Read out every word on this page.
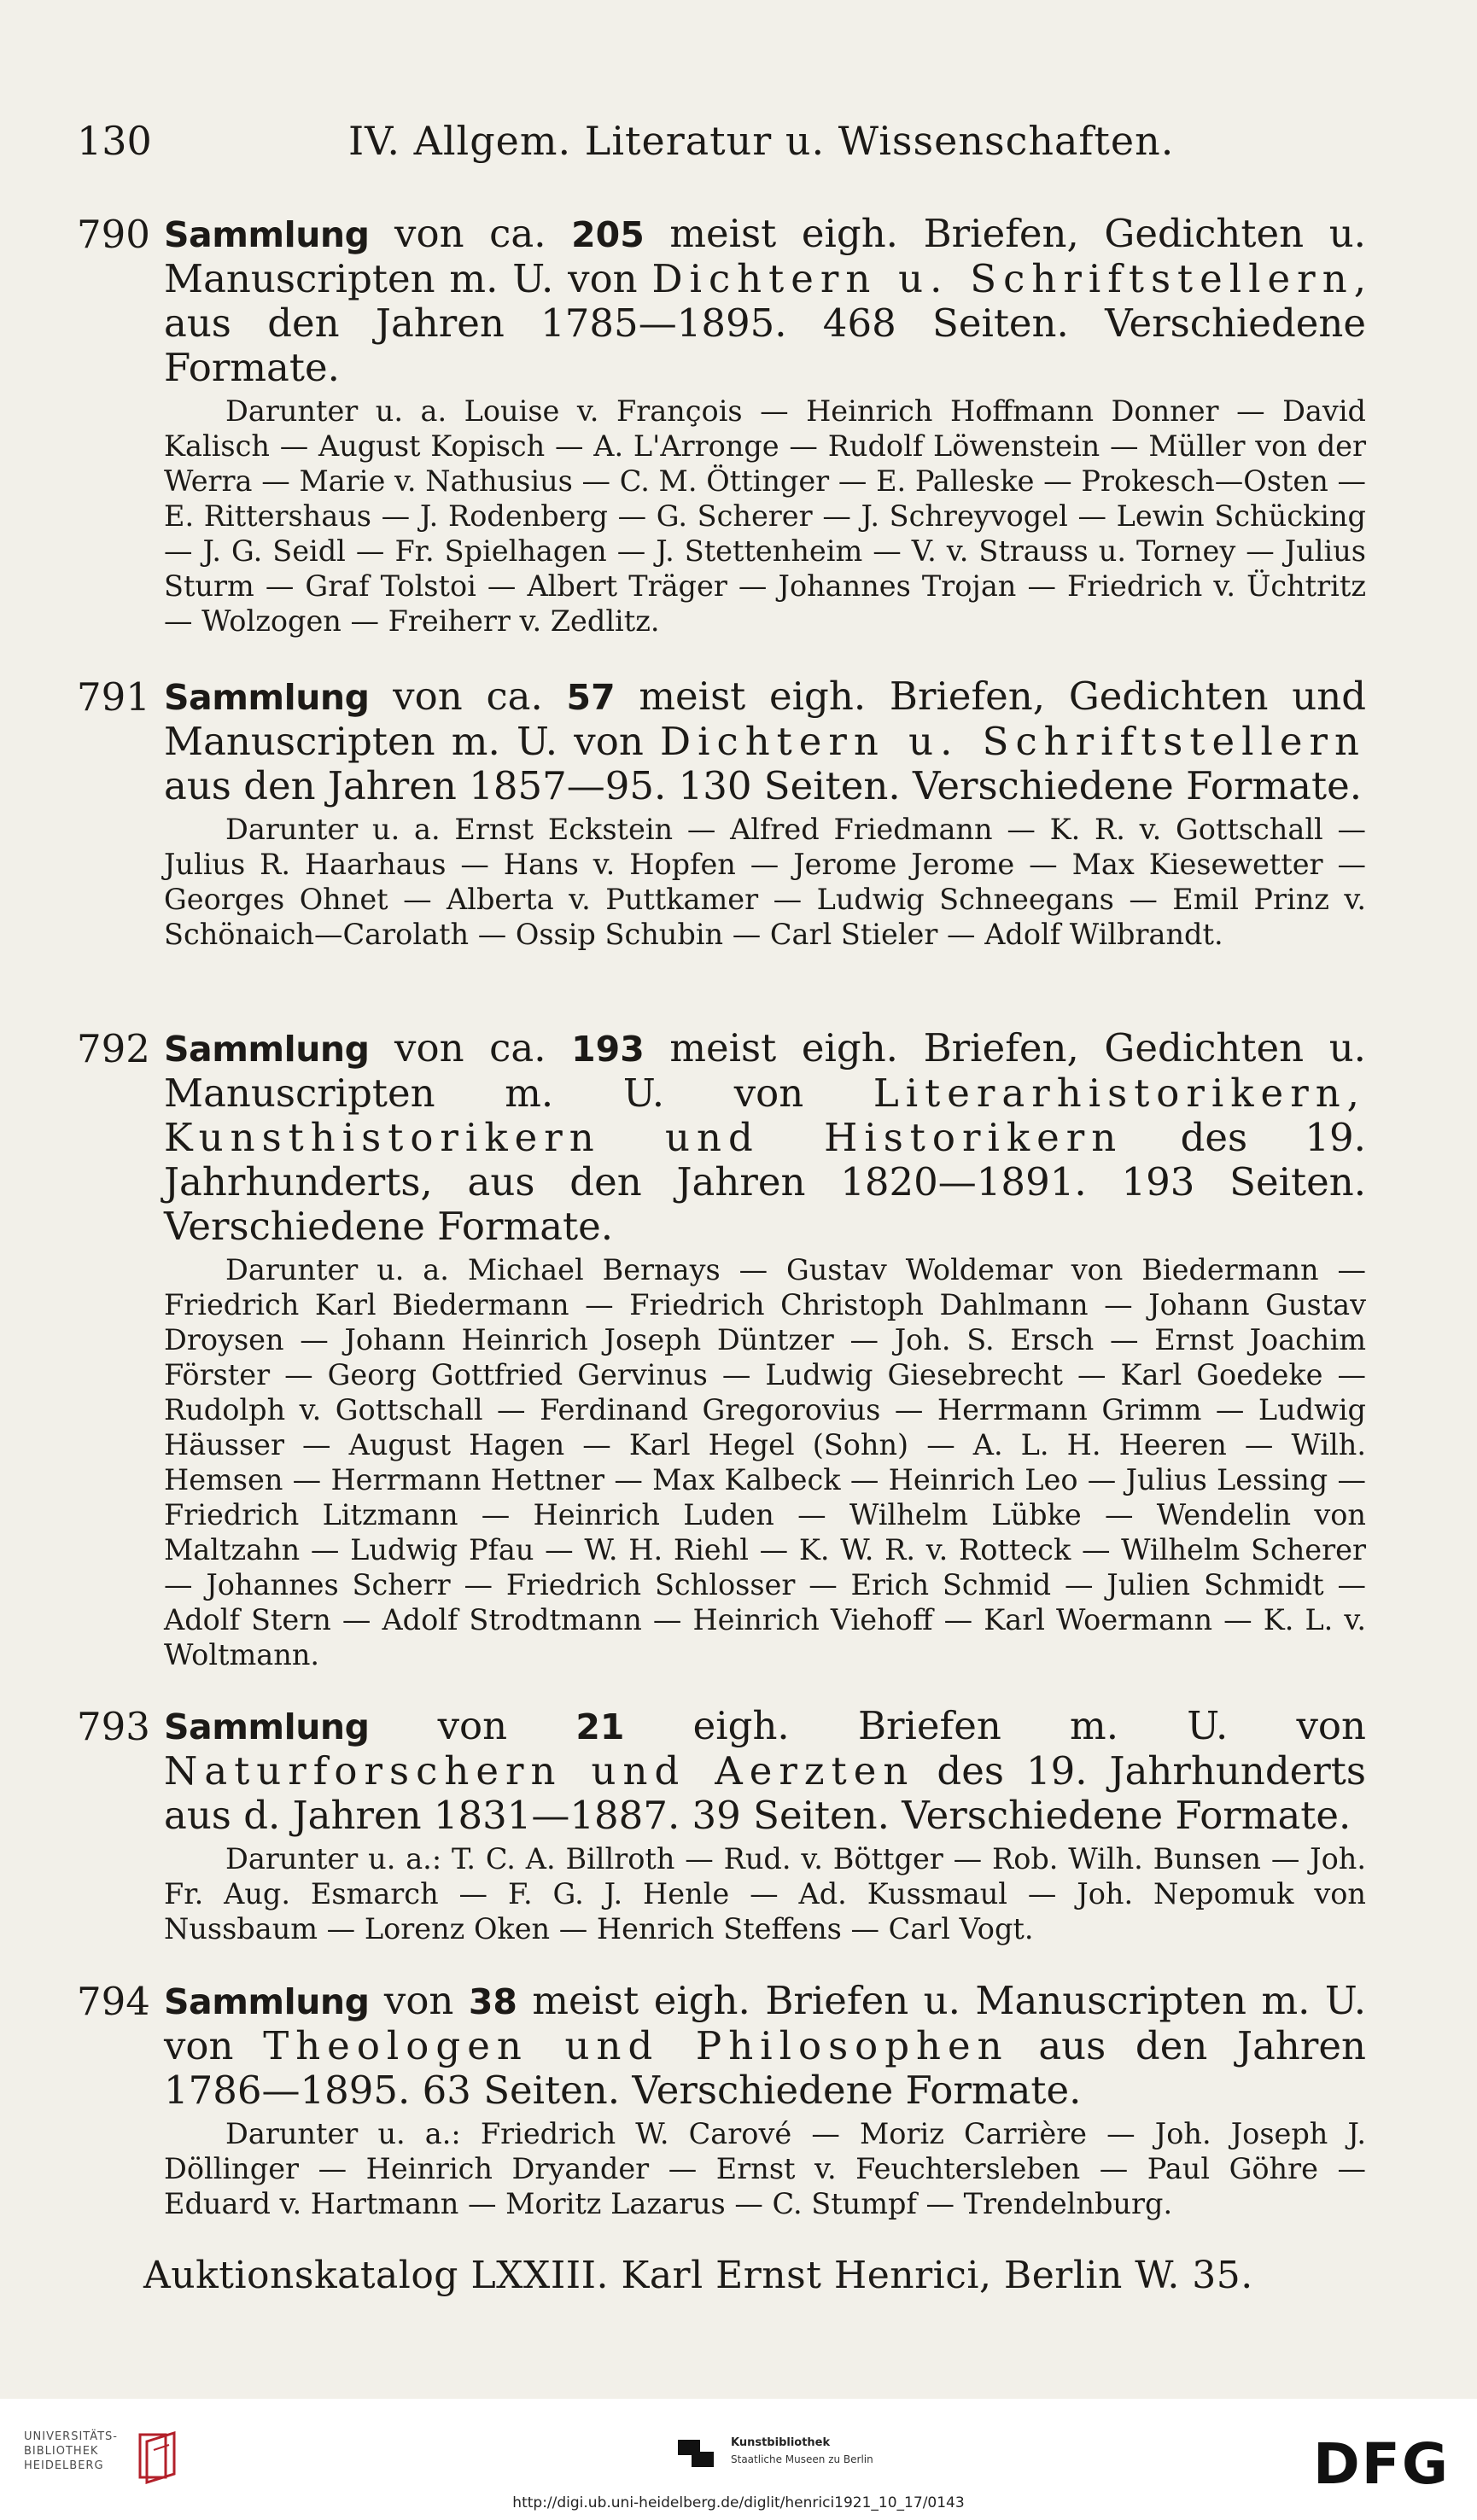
130	IV. Allgem. Literatur u. Wissenschaften.
790 Sammlung von ca. 205 meist eigh. Briefen, Gedichten u. Manuscripten m. U. von Dichtern u. Schriftstellern, aus den Jahren 1785—1895. 468 Seiten. Verschiedene Formate.
Darunter u. a. Louise v. François — Heinrich Hoffmann Donner — David Kalisch — August Kopisch — A. L'Arronge — Rudolf Löwenstein — Müller von der Werra — Marie v. Nathusius — C. M. Öttinger — E. Palleske — Prokesch—Osten — E. Rittershaus — J. Rodenberg — G. Scherer — J. Schreyvogel — Lewin Schücking — J. G. Seidl — Fr. Spielhagen — J. Stettenheim — V. v. Strauss u. Torney — Julius Sturm — Graf Tolstoi — Albert Träger — Johannes Trojan — Friedrich v. Üchtritz — Wolzogen — Freiherr v. Zedlitz.
791 Sammlung von ca. 57 meist eigh. Briefen, Gedichten und Manuscripten m. U. von Dichtern u. Schriftstellern aus den Jahren 1857—95. 130 Seiten. Verschiedene Formate.
Darunter u. a. Ernst Eckstein — Alfred Friedmann — K. R. v. Gottschall — Julius R. Haarhaus — Hans v. Hopfen — Jerome Jerome — Max Kiesewetter — Georges Ohnet — Alberta v. Puttkamer — Ludwig Schneegans — Emil Prinz v. Schönaich—Carolath — Ossip Schubin — Carl Stieler — Adolf Wilbrandt.
792 Sammlung von ca. 193 meist eigh. Briefen, Gedichten u. Manuscripten m. U. von Literarhistorikern, Kunsthistorikern und Historikern des 19. Jahrhunderts, aus den Jahren 1820—1891. 193 Seiten. Verschiedene Formate.
Darunter u. a. Michael Bernays — Gustav Woldemar von Biedermann — Friedrich Karl Biedermann — Friedrich Christoph Dahlmann — Johann Gustav Droysen — Johann Heinrich Joseph Düntzer — Joh. S. Ersch — Ernst Joachim Förster — Georg Gottfried Gervinus — Ludwig Giesebrecht — Karl Goedeke — Rudolph v. Gottschall — Ferdinand Gregorovius — Herrmann Grimm — Ludwig Häusser — August Hagen — Karl Hegel (Sohn) — A. L. H. Heeren — Wilh. Hemsen — Herrmann Hettner — Max Kalbeck — Heinrich Leo — Julius Lessing — Friedrich Litzmann — Heinrich Luden — Wilhelm Lübke — Wendelin von Maltzahn — Ludwig Pfau — W. H. Riehl — K. W. R. v. Rotteck — Wilhelm Scherer — Johannes Scherr — Friedrich Schlosser — Erich Schmid — Julien Schmidt — Adolf Stern — Adolf Strodtmann — Heinrich Viehoff — Karl Woermann — K. L. v. Woltmann.
793 Sammlung von 21 eigh. Briefen m. U. von Naturforschern und Aerzten des 19. Jahrhunderts aus d. Jahren 1831—1887. 39 Seiten. Verschiedene Formate.
Darunter u. a.: T. C. A. Billroth — Rud. v. Böttger — Rob. Wilh. Bunsen — Joh. Fr. Aug. Esmarch — F. G. J. Henle — Ad. Kussmaul — Joh. Nepomuk von Nussbaum — Lorenz Oken — Henrich Steffens — Carl Vogt.
794 Sammlung von 38 meist eigh. Briefen u. Manuscripten m. U. von Theologen und Philosophen aus den Jahren 1786—1895. 63 Seiten. Verschiedene Formate.
Darunter u. a.: Friedrich W. Carové — Moriz Carrière — Joh. Joseph J. Döllinger — Heinrich Dryander — Ernst v. Feuchtersleben — Paul Göhre — Eduard v. Hartmann — Moritz Lazarus — C. Stumpf — Trendelnburg.
Auktionskatalog LXXIII. Karl Ernst Henrici, Berlin W. 35.
UNIVERSITÄTS-
BIBLIOTHEK
HEIDELBERG
Kunstbibliothek
Staatliche Museen zu Berlin	DFG
http://digi.ub.uni-heidelberg.de/diglit/henrici1921_10_17/0143
